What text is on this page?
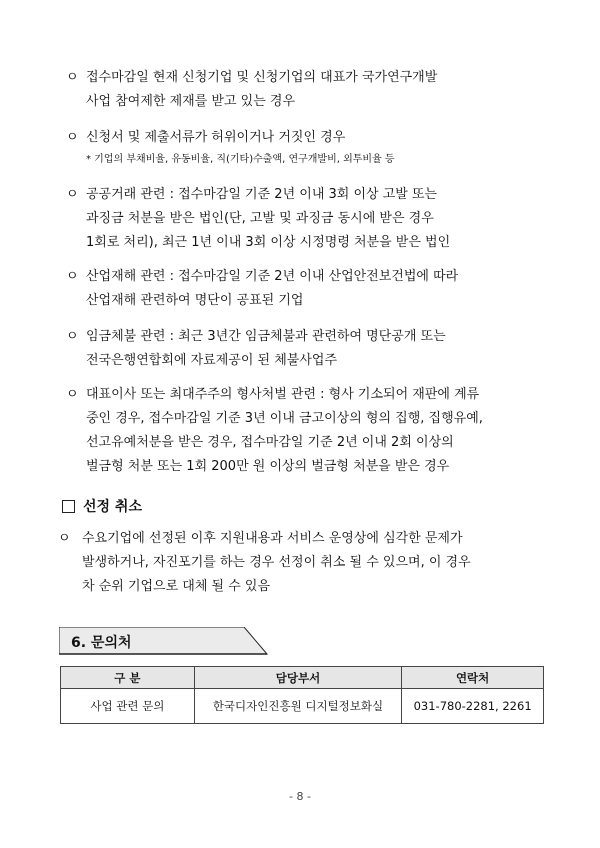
ㅇ 접수마감일 현재 신청기업 및 신청기업의 대표가 국가연구개발
사업 참여제한 제재를 받고 있는 경우
ㅇ 신청서 및 제출서류가 허위이거나 거짓인 경우
* 기업의 부채비율, 유동비율, 직(기타)수출액, 연구개발비, 외투비율 등
ㅇ 공공거래 관련 : 접수마감일 기준 2년 이내 3회 이상 고발 또는
과징금 처분을 받은 법인(단, 고발 및 과징금 동시에 받은 경우
1회로 처리), 최근 1년 이내 3회 이상 시정명령 처분을 받은 법인
ㅇ 산업재해 관련 : 접수마감일 기준 2년 이내 산업안전보건법에 따라
산업재해 관련하여 명단이 공표된 기업
ㅇ 임금체불 관련 : 최근 3년간 임금체불과 관련하여 명단공개 또는
전국은행연합회에 자료제공이 된 체불사업주
ㅇ 대표이사 또는 최대주주의 형사처벌 관련 : 형사 기소되어 재판에 계류
중인 경우, 접수마감일 기준 3년 이내 금고이상의 형의 집행, 집행유예,
선고유예처분을 받은 경우, 접수마감일 기준 2년 이내 2회 이상의
벌금형 처분 또는 1회 200만 원 이상의 벌금형 처분을 받은 경우
선정 취소
ㅇ 수요기업에 선정된 이후 지원내용과 서비스 운영상에 심각한 문제가
발생하거나, 자진포기를 하는 경우 선정이 취소 될 수 있으며, 이 경우
차 순위 기업으로 대체 될 수 있음
6. 문의처
구 분	담당부서	연락처
사업 관련 문의	한국디자인진흥원 디지털정보화실	031-780-2281, 2261
- 8 -
